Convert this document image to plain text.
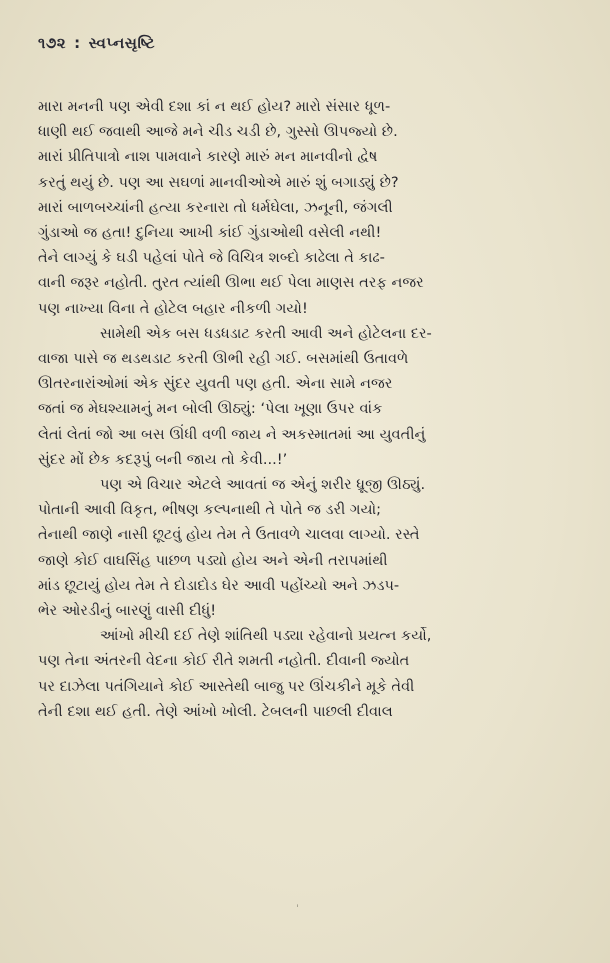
૧૭૨ : સ્વપ્નસૃષ્ટિ

મારા મનની પણ એવી દશા કાં ન થઈ હોય? મારો સંસાર ધૂળ-
ધાણી થઈ જવાથી આજે મને ચીડ ચડી છે, ગુસ્સો ઊપજ્યો છે.
મારાં પ્રીતિપાત્રો નાશ પામવાને કારણે મારું મન માનવીનો દ્વેષ
કરતું થયું છે. પણ આ સઘળાં માનવીઓએ મારું શું બગાડ્યું છે?
મારાં બાળબચ્ચાંની હત્યા કરનારા તો ધર્મઘેલા, ઝનૂની, જંગલી
ગુંડાઓ જ હતા! દુનિયા આખી કાંઈ ગુંડાઓથી વસેલી નથી!
તેને લાગ્યું કે ઘડી પહેલાં પોતે જે વિચિત્ર શબ્દો કાઢેલા તે કાઢ-
વાની જરૂર નહોતી. તુરત ત્યાંથી ઊભા થઈ પેલા માણસ તરફ નજર
પણ નાખ્યા વિના તે હોટેલ બહાર નીકળી ગયો!

સામેથી એક બસ ધડધડાટ કરતી આવી અને હોટેલના દર-
વાજા પાસે જ થડથડાટ કરતી ઊભી રહી ગઈ. બસમાંથી ઉતાવળે
ઊતરનારાંઓમાં એક સુંદર યુવતી પણ હતી. એના સામે નજર
જતાં જ મેઘશ્યામનું મન બોલી ઊઠ્યું: ‘પેલા ખૂણા ઉપર વાંક
લેતાં લેતાં જો આ બસ ઊંધી વળી જાય ને અકસ્માતમાં આ યુવતીનું
સુંદર મોં છેક કદરૂપું બની જાય તો કેવી...!’

પણ એ વિચાર એટલે આવતાં જ એનું શરીર ધ્રૂજી ઊઠ્યું.
પોતાની આવી વિકૃત, ભીષણ કલ્પનાથી તે પોતે જ ડરી ગયો;
તેનાથી જાણે નાસી છૂટવું હોય તેમ તે ઉતાવળે ચાલવા લાગ્યો. રસ્તે
જાણે કોઈ વાઘસિંહ પાછળ પડ્યો હોય અને એની તરાપમાંથી
માંડ છૂટાયું હોય તેમ તે દોડાદોડ ઘેર આવી પહોંચ્યો અને ઝડપ-
ભેર ઓરડીનું બારણું વાસી દીધું!

આંખો મીચી દઈ તેણે શાંતિથી પડ્યા રહેવાનો પ્રયત્ન કર્યો,
પણ તેના અંતરની વેદના કોઈ રીતે શમતી નહોતી. દીવાની જ્યોત
પર દાઝેલા પતંગિયાને કોઈ આસ્તેથી બાજુ પર ઊંચકીને મૂકે તેવી
તેની દશા થઈ હતી. તેણે આંખો ખોલી. ટેબલની પાછલી દીવાલ

ˈ
